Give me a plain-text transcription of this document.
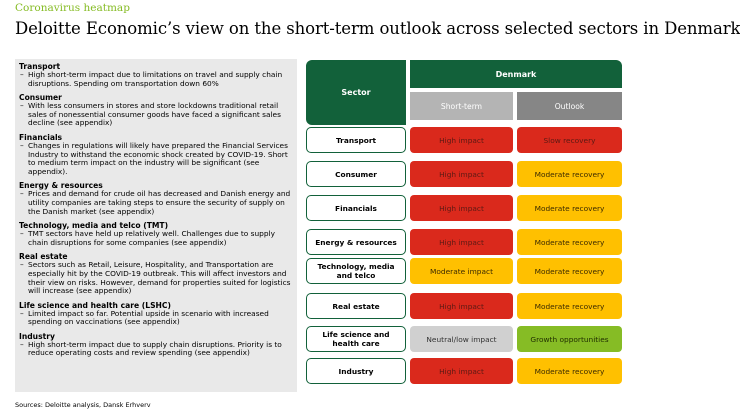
Coronavirus heatmap
Deloitte Economic’s view on the short-term outlook across selected sectors in Denmark
Transport
– High short-term impact due to limitations on travel and supply chain disruptions. Spending om transportation down 60%
Consumer
– With less consumers in stores and store lockdowns traditional retail sales of nonessential consumer goods have faced a significant sales decline (see appendix)
Financials
– Changes in regulations will likely have prepared the Financial Services Industry to withstand the economic shock created by COVID-19. Short to medium term impact on the industry will be significant (see appendix).
Energy & resources
– Prices and demand for crude oil has decreased and Danish energy and utility companies are taking steps to ensure the security of supply on the Danish market (see appendix)
Technology, media and telco (TMT)
– TMT sectors have held up relatively well. Challenges due to supply chain disruptions for some companies (see appendix)
Real estate
– Sectors such as Retail, Leisure, Hospitality, and Transportation are especially hit by the COVID-19 outbreak. This will affect investors and their view on risks. However, demand for properties suited for logistics will increase (see appendix)
Life science and health care (LSHC)
– Limited impact so far. Potential upside in scenario with increased spending on vaccinations (see appendix)
Industry
– High short-term impact due to supply chain disruptions. Priority is to reduce operating costs and review spending (see appendix)
Sector
Denmark
Short-term	Outlook
Transport	High impact	Slow recovery
Consumer	High impact	Moderate recovery
Financials	High impact	Moderate recovery
Energy & resources	High impact	Moderate recovery
Technology, media and telco	Moderate impact	Moderate recovery
Real estate	High impact	Moderate recovery
Life science and health care	Neutral/low impact	Growth opportunities
Industry	High impact	Moderate recovery
Sources: Deloitte analysis, Dansk Erhverv
